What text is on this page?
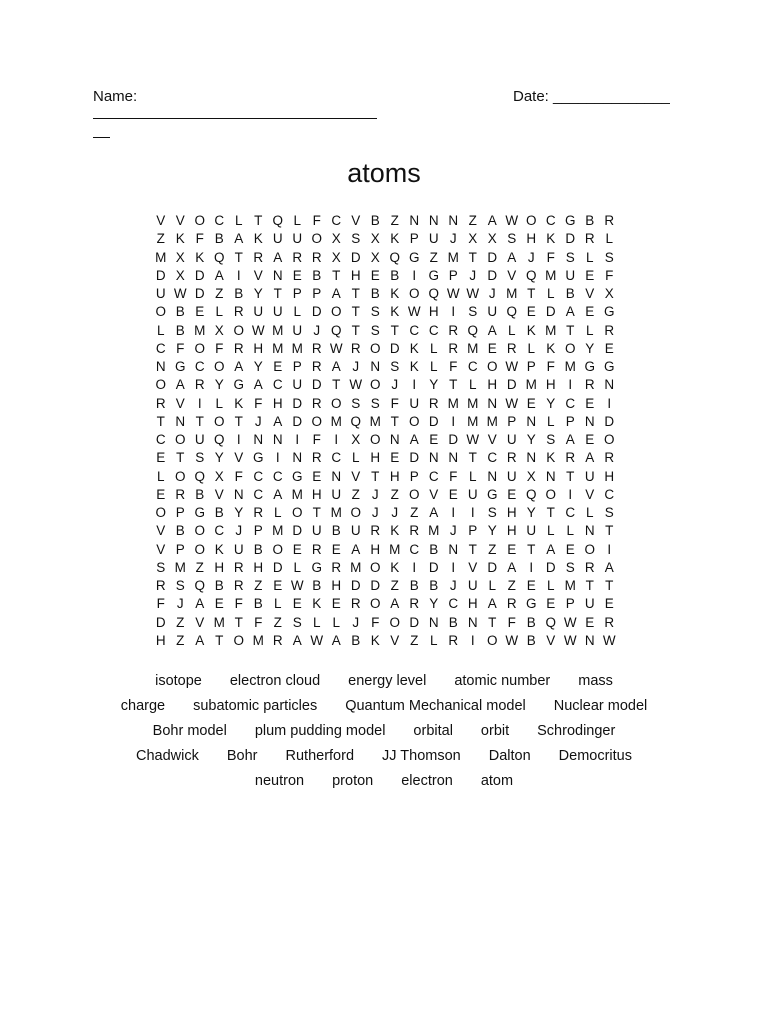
Name:	Date: ______________
atoms
V V O C L T Q L F C V B Z N N N Z A W O C G B R
Z K F B A K U U O X S X K P U J X X S H K D R L
M X K Q T R A R R X D X Q G Z M T D A J F S L S
D X D A I V N E B T H E B I G P J D V Q M U E F
U W D Z B Y T P P A T B K O Q W W J M T L B V X
O B E L R U U L D O T S K W H I S U Q E D A E G
L B M X O W M U J Q T S T C C R Q A L K M T L R
C F O F R H M M R W R O D K L R M E R L K O Y E
N G C O A Y E P R A J N S K L F C O W P F M G G
O A R Y G A C U D T W O J	I Y T L H D M H I R N
R V I	L K F H D R O S S F U R M M N W E Y C E I
T N T O T J A D O M Q M T O D I M M P N L P N D
C O U Q I N N I	F I X O N A E D W V U Y S A E O
E T S Y V G I N R C L H E D N N T C R N K R A R
L O Q X F C C G E N V T H P C F L N U X N T U H
E R B V N C A M H U Z J Z O V E U G E Q O I V C
O P G B Y R L O T M O J J Z A I	I S H Y T C L S
V B O C J P M D U B U R K R M J P Y H U L L N T
V P O K U B O E R E A H M C B N T Z E T A E O I
S M Z H R H D L G R M O K I D I V D A I D S R A
R S Q B R Z E W B H D D Z B B J U L Z E L M T T
F J A E F B L E K E R O A R Y C H A R G E P U E
D Z V M T F Z S L L J F O D N B N T F B Q W E R
H Z A T O M R A W A B K V Z L R I O W B V W N W
isotope electron cloud energy level atomic number mass
charge subatomic particles Quantum Mechanical model Nuclear model
Bohr model plum pudding model orbital orbit Schrodinger
Chadwick Bohr Rutherford JJ Thomson Dalton Democritus
neutron proton electron atom
